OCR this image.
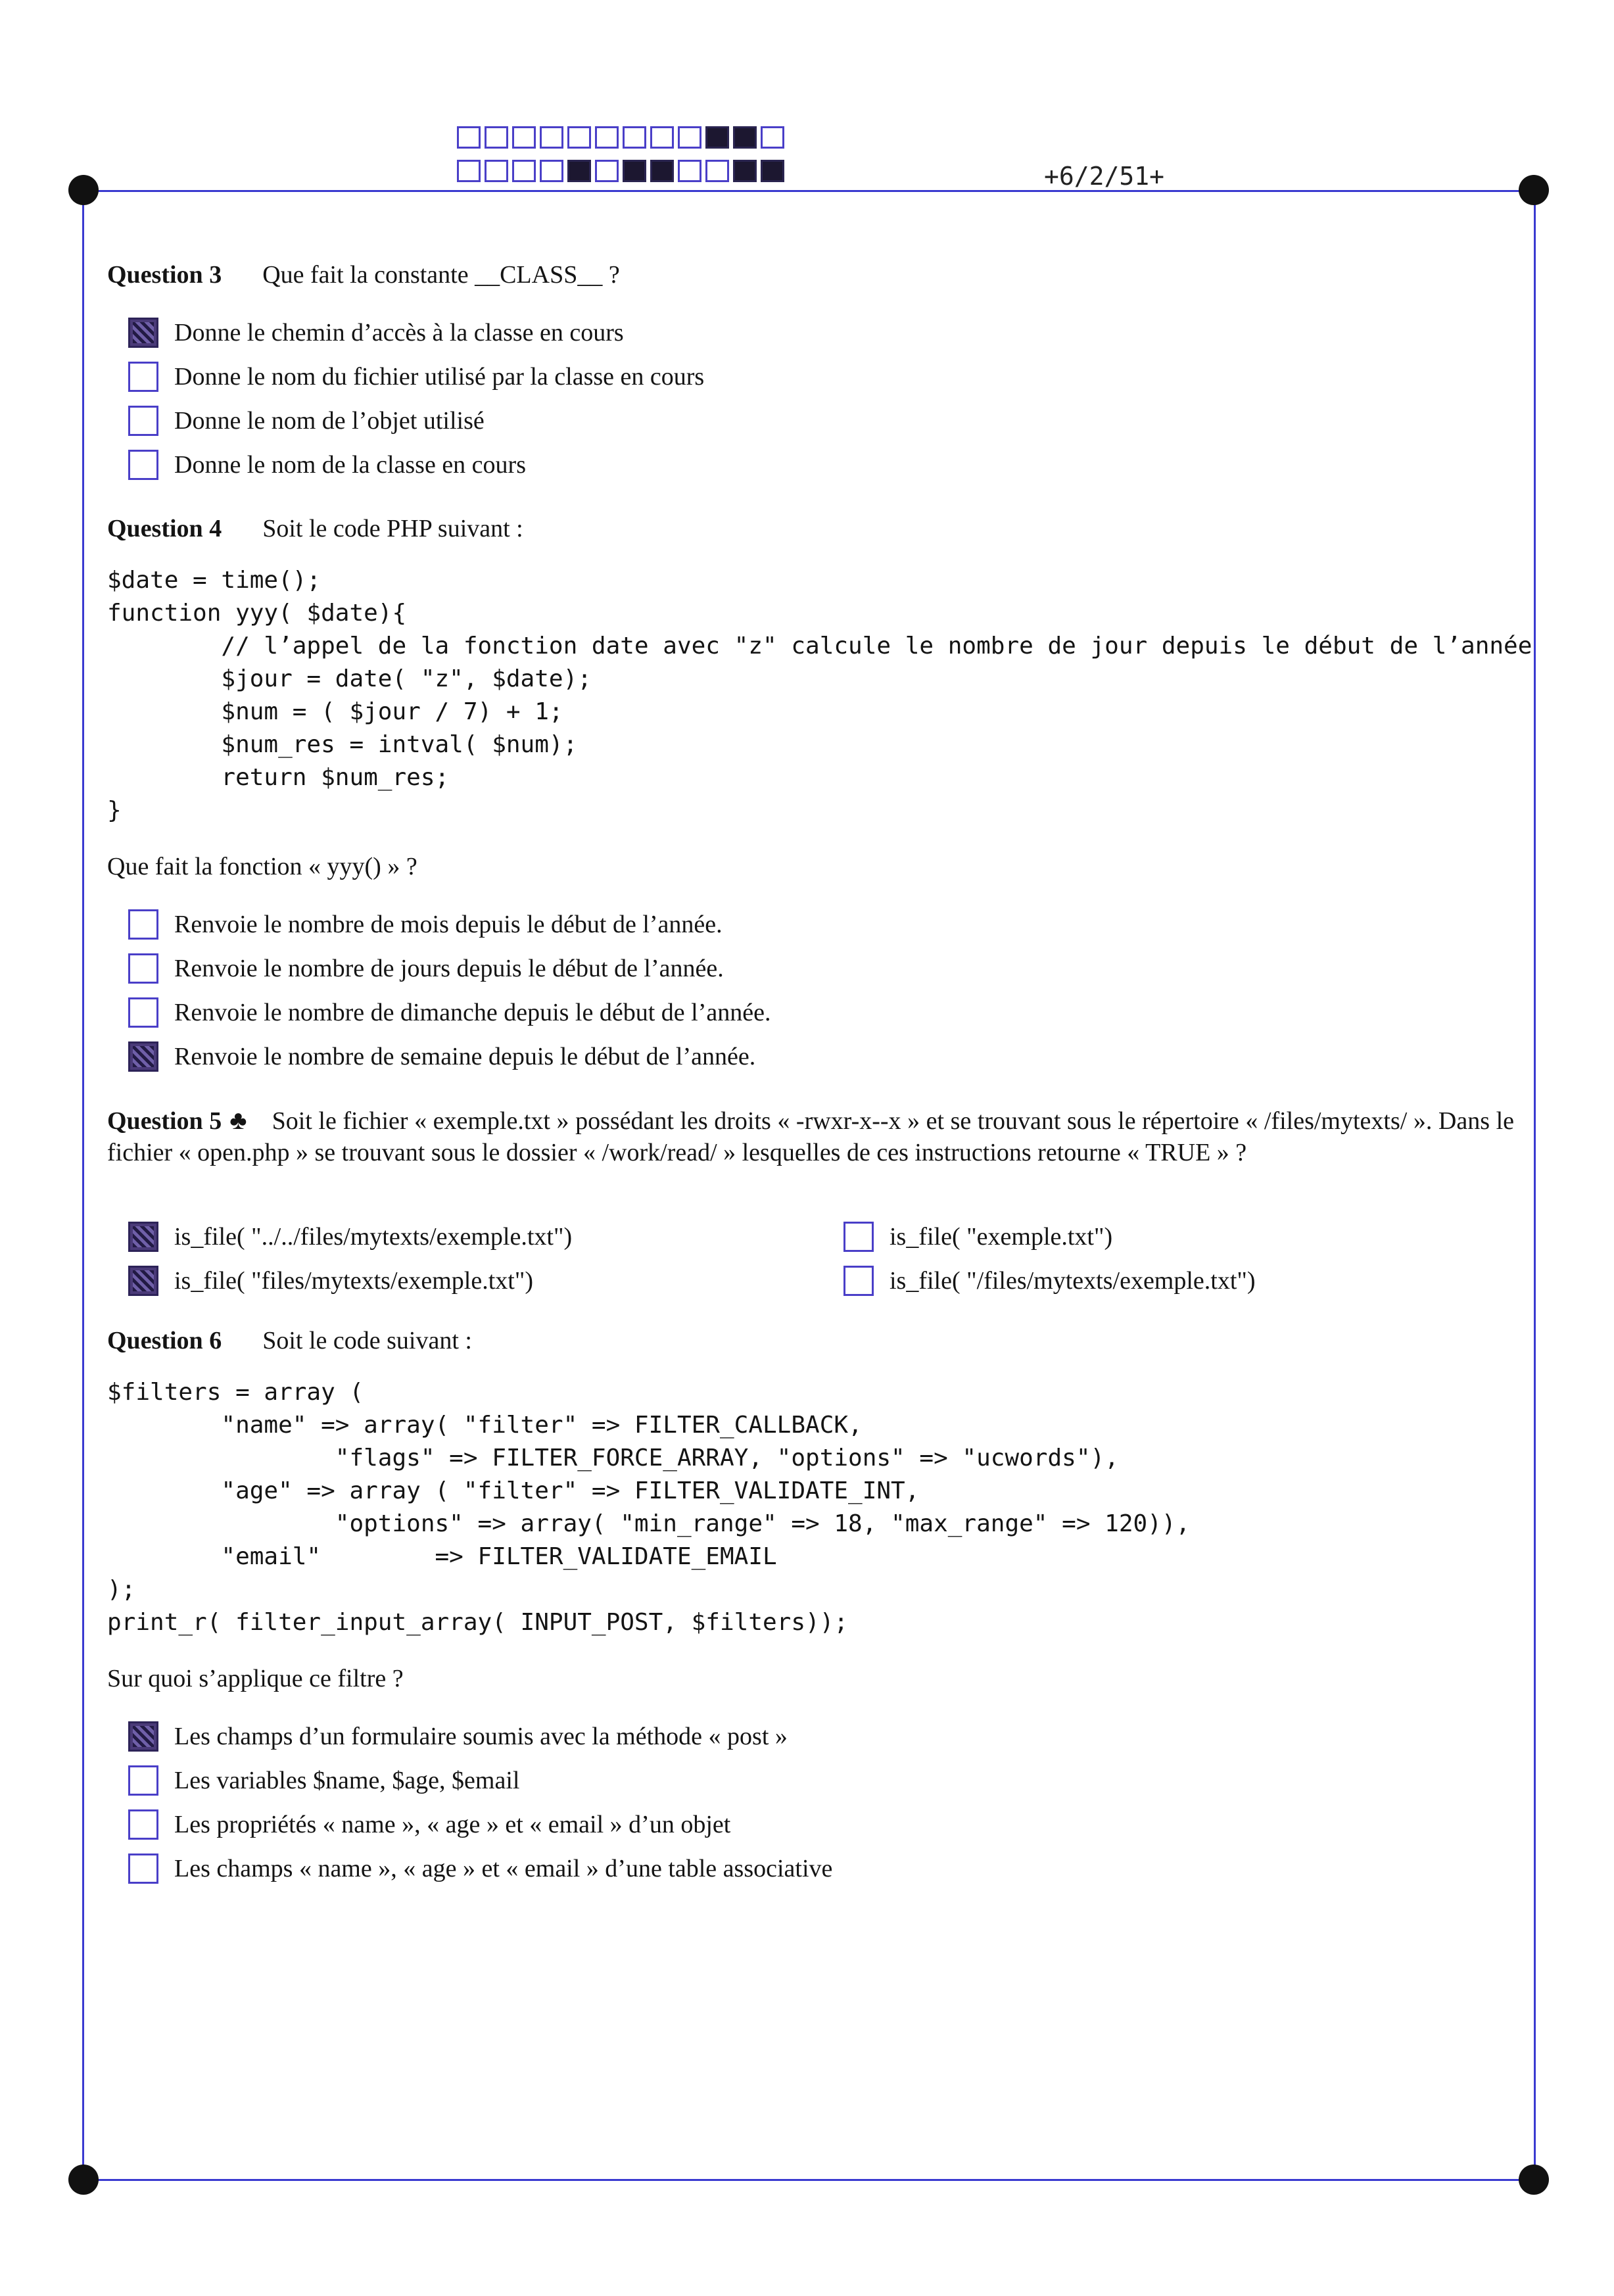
+6/2/51+
Question 3 Que fait la constante __CLASS__ ?
Donne le chemin d’accès à la classe en cours
Donne le nom du fichier utilisé par la classe en cours
Donne le nom de l’objet utilisé
Donne le nom de la classe en cours
Question 4 Soit le code PHP suivant :
$date = time();
function yyy( $date){
// l’appel de la fonction date avec "z" calcule le nombre de jour depuis le début de l’année
$jour = date( "z", $date);
$num = ( $jour / 7) + 1;
$num_res = intval( $num);
return $num_res;
}
Que fait la fonction « yyy() » ?
Renvoie le nombre de mois depuis le début de l’année.
Renvoie le nombre de jours depuis le début de l’année.
Renvoie le nombre de dimanche depuis le début de l’année.
Renvoie le nombre de semaine depuis le début de l’année.
Question 5 ♣ Soit le fichier « exemple.txt » possédant les droits « -rwxr-x--x » et se trouvant sous le répertoire « /files/mytexts/ ». Dans le fichier « open.php » se trouvant sous le dossier « /work/read/ » lesquelles de ces instructions retourne « TRUE » ?
is_file( "../../files/mytexts/exemple.txt")	is_file( "exemple.txt")
is_file( "files/mytexts/exemple.txt")	is_file( "/files/mytexts/exemple.txt")
Question 6 Soit le code suivant :
$filters = array (
"name" => array( "filter" => FILTER_CALLBACK,
"flags" => FILTER_FORCE_ARRAY, "options" => "ucwords"),
"age" => array ( "filter" => FILTER_VALIDATE_INT,
"options" => array( "min_range" => 18, "max_range" => 120)),
"email"        => FILTER_VALIDATE_EMAIL
);
print_r( filter_input_array( INPUT_POST, $filters));
Sur quoi s’applique ce filtre ?
Les champs d’un formulaire soumis avec la méthode « post »
Les variables $name, $age, $email
Les propriétés « name », « age » et « email » d’un objet
Les champs « name », « age » et « email » d’une table associative
